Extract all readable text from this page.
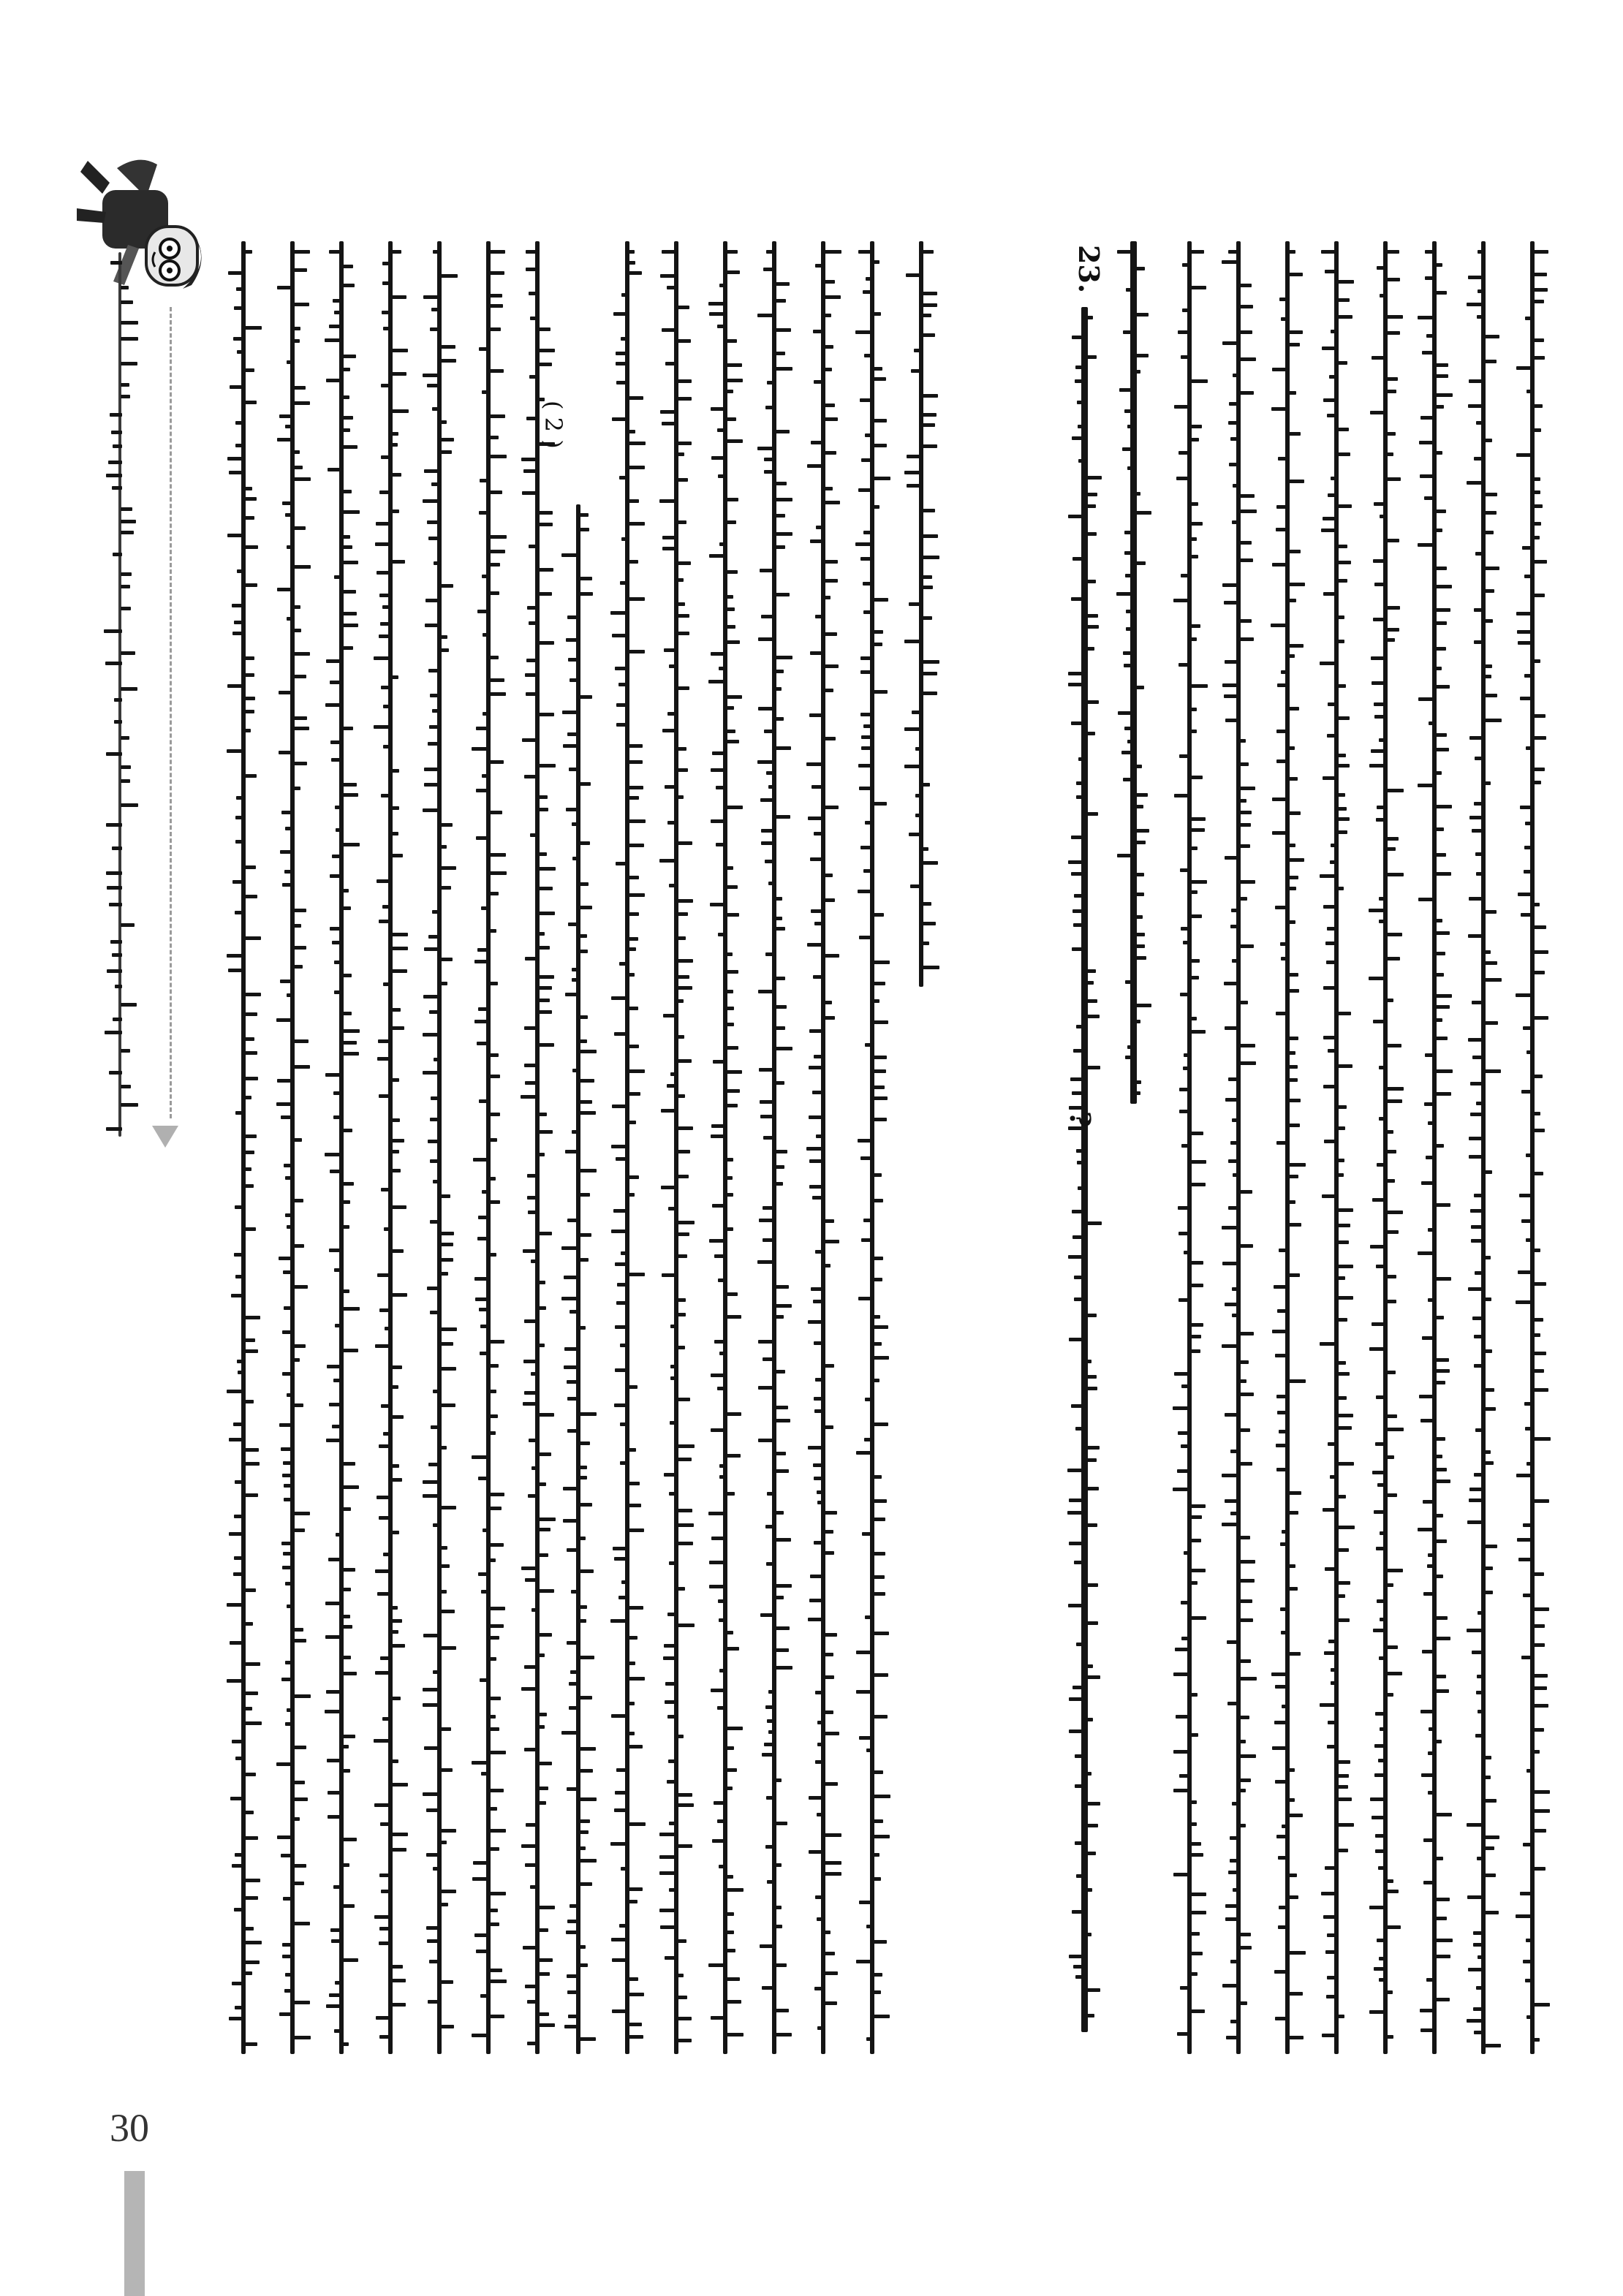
23.
?
( 2 )
30
